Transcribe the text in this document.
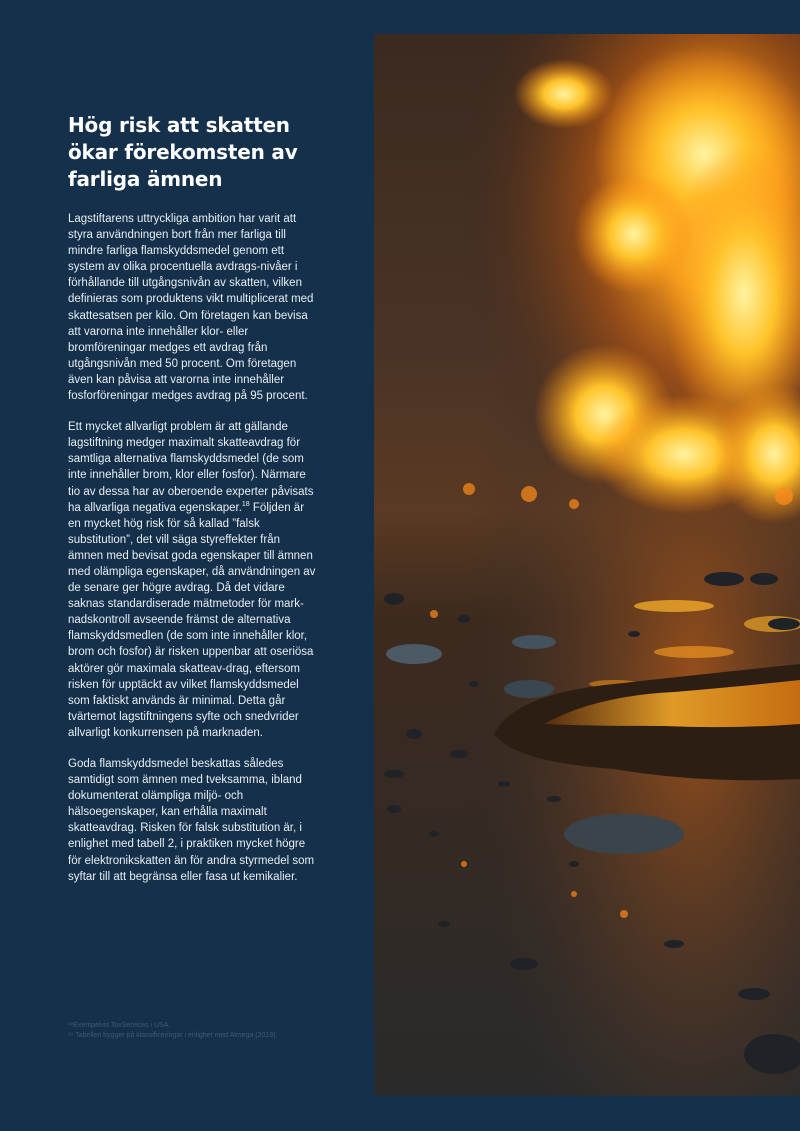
Hög risk att skatten ökar förekomsten av farliga ämnen

Lagstiftarens uttryckliga ambition har varit att styra användningen bort från mer farliga till mindre farliga flamskyddsmedel genom ett system av olika procentuella avdrags-nivåer i förhållande till utgångsnivån av skatten, vilken definieras som produktens vikt multiplicerat med skattesatsen per kilo. Om företagen kan bevisa att varorna inte innehåller klor- eller bromföreningar medges ett avdrag från utgångsnivån med 50 procent. Om företagen även kan påvisa att varorna inte innehåller fosforföreningar medges avdrag på 95 procent.

Ett mycket allvarligt problem är att gällande lagstiftning medger maximalt skatteavdrag för samtliga alternativa flamskyddsmedel (de som inte innehåller brom, klor eller fosfor). Närmare tio av dessa har av oberoende experter påvisats ha allvarliga negativa egenskaper.$^{18}$ Följden är en mycket hög risk för så kallad ”falsk substitution”, det vill säga styreffekter från ämnen med bevisat goda egenskaper till ämnen med olämpliga egenskaper, då användningen av de senare ger högre avdrag. Då det vidare saknas standardiserade mätmetoder för mark-nadskontroll avseende främst de alternativa flamskyddsmedlen (de som inte innehåller klor, brom och fosfor) är risken uppenbar att oseriösa aktörer gör maximala skatteav-drag, eftersom risken för upptäckt av vilket flamskyddsmedel som faktiskt används är minimal. Detta går tvärtemot lagstiftningens syfte och snedvrider allvarligt konkurrensen på marknaden.

Goda flamskyddsmedel beskattas således samtidigt som ämnen med tveksamma, ibland dokumenterat olämpliga miljö- och hälsoegenskaper, kan erhålla maximalt skatteavdrag. Risken för falsk substitution är, i enlighet med tabell 2, i praktiken mycket högre för elektronikskatten än för andra styrmedel som syftar till att begränsa eller fasa ut kemikalier.

¹⁸Exempelvis ToxServices i USA.
¹⁹ Tabellen bygger på klassificeringar i enlighet med Almega (2019).
